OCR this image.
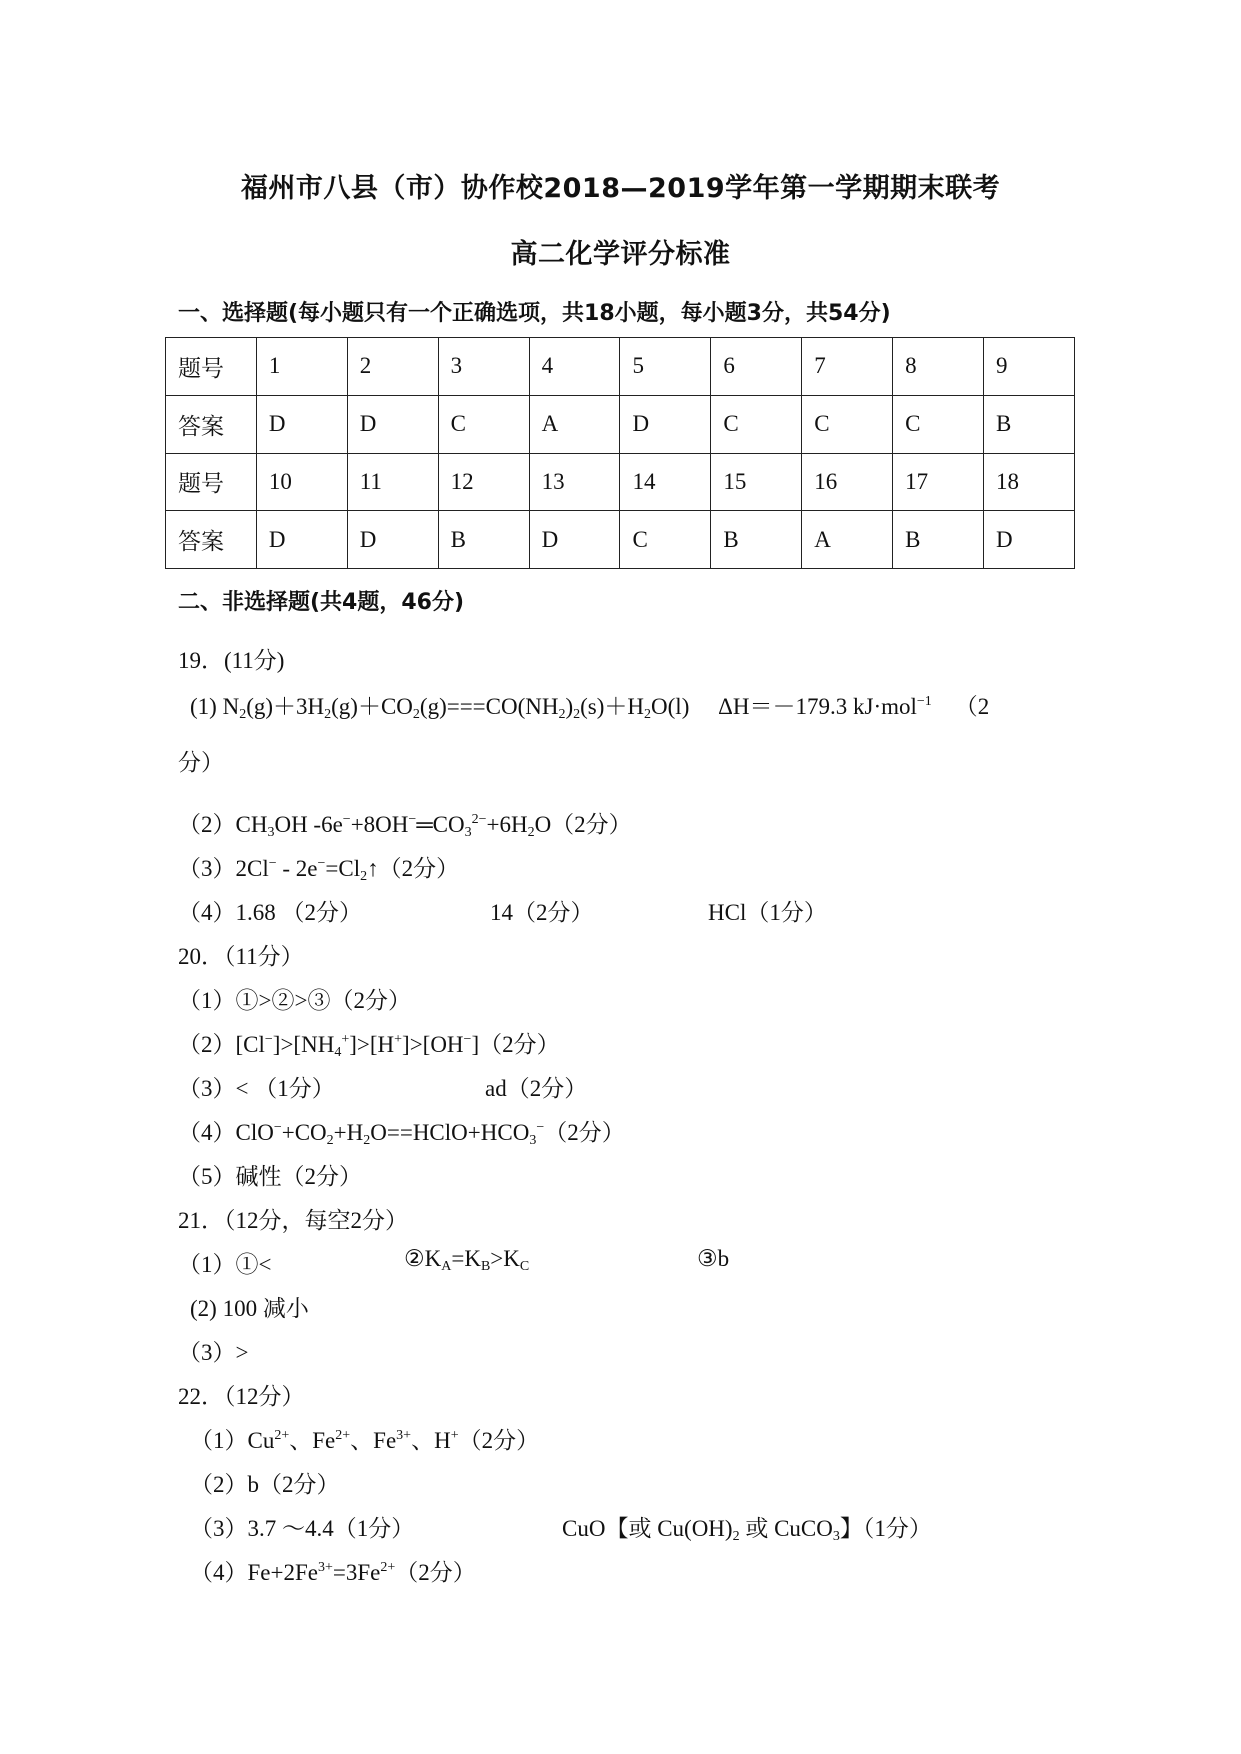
福州市八县（市）协作校2018—2019学年第一学期期末联考
高二化学评分标准
一、选择题(每小题只有一个正确选项，共18小题，每小题3分，共54分)
题号	1	2	3	4	5	6	7	8	9
答案	D	D	C	A	D	C	C	C	B
题号	10	11	12	13	14	15	16	17	18
答案	D	D	B	D	C	B	A	B	D
二、非选择题(共4题，46分)
19．(11分)
(1) $N_2(g)+3H_2(g)+CO_2(g)===CO(NH_2)_2(s)+H_2O(l)$     ΔH＝－179.3 kJ·mol$^{-1}$    （2
分）
$(2)CH_3OH$ $-6e^-+8OH^-═CO_3^{2-}+6H_2O(2$分）
$(3)2Cl^- - 2e^-=Cl_2↑(2$分）
（4）1.68 （2分）	14（2分）	HCl（1分）
20．（11分）
（1）①>②>③（2分）
$(2)[Cl^-]>[NH_4^+]>[H^+]>[OH^-](2$分）
（3）< （1分）	ad（2分）
$(4)ClO^-+CO_2+H_2O==HClO+HCO_3^-(2$分）
（5）碱性（2分）
21．（12分，每空2分）
（1）①<	$②K_A=K_B>K_C$	③b
(2) 100 减小
（3）>
22．（12分）
$(1)Cu^{2+}$、$Fe^{2+}$、$Fe^{3+}$、H+（2分）
（2）b（2分）
（3）3.7 ～4.4（1分）	CuO【或 $Cu(OH)_2$ 或 CuCO$_3$】（1分）
$(4)Fe+2Fe^{3+}=3Fe^{2+}(2$分）
